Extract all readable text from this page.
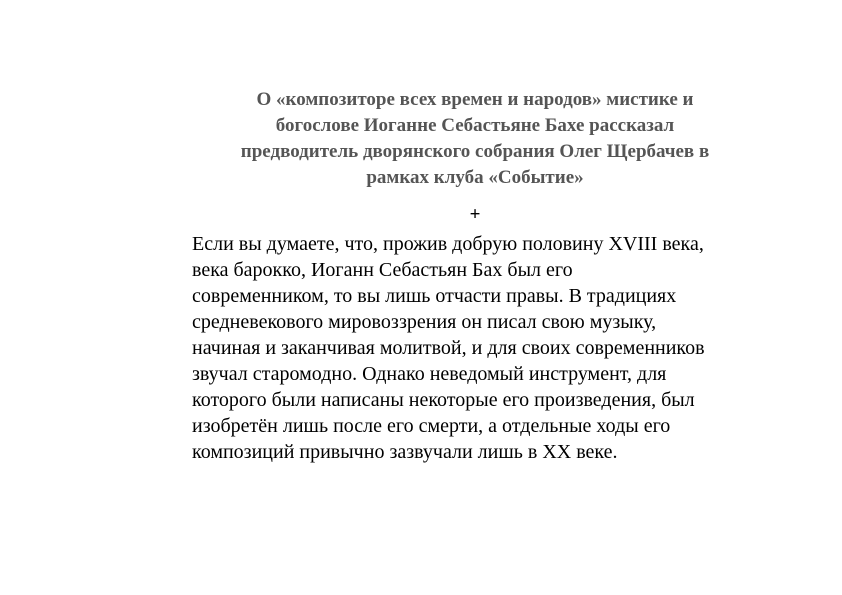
О «композиторе всех времен и народов» мистике и
богослове Иоганне Себастьяне Бахе рассказал
предводитель дворянского собрания Олег Щербачев в
рамках клуба «Событие»
+
Если вы думаете, что, прожив добрую половину XVIII века,
века барокко, Иоганн Себастьян Бах был его
современником, то вы лишь отчасти правы. В традициях
средневекового мировоззрения он писал свою музыку,
начиная и заканчивая молитвой, и для своих современников
звучал старомодно. Однако неведомый инструмент, для
которого были написаны некоторые его произведения, был
изобретён лишь после его смерти, а отдельные ходы его
композиций привычно зазвучали лишь в XX веке.
